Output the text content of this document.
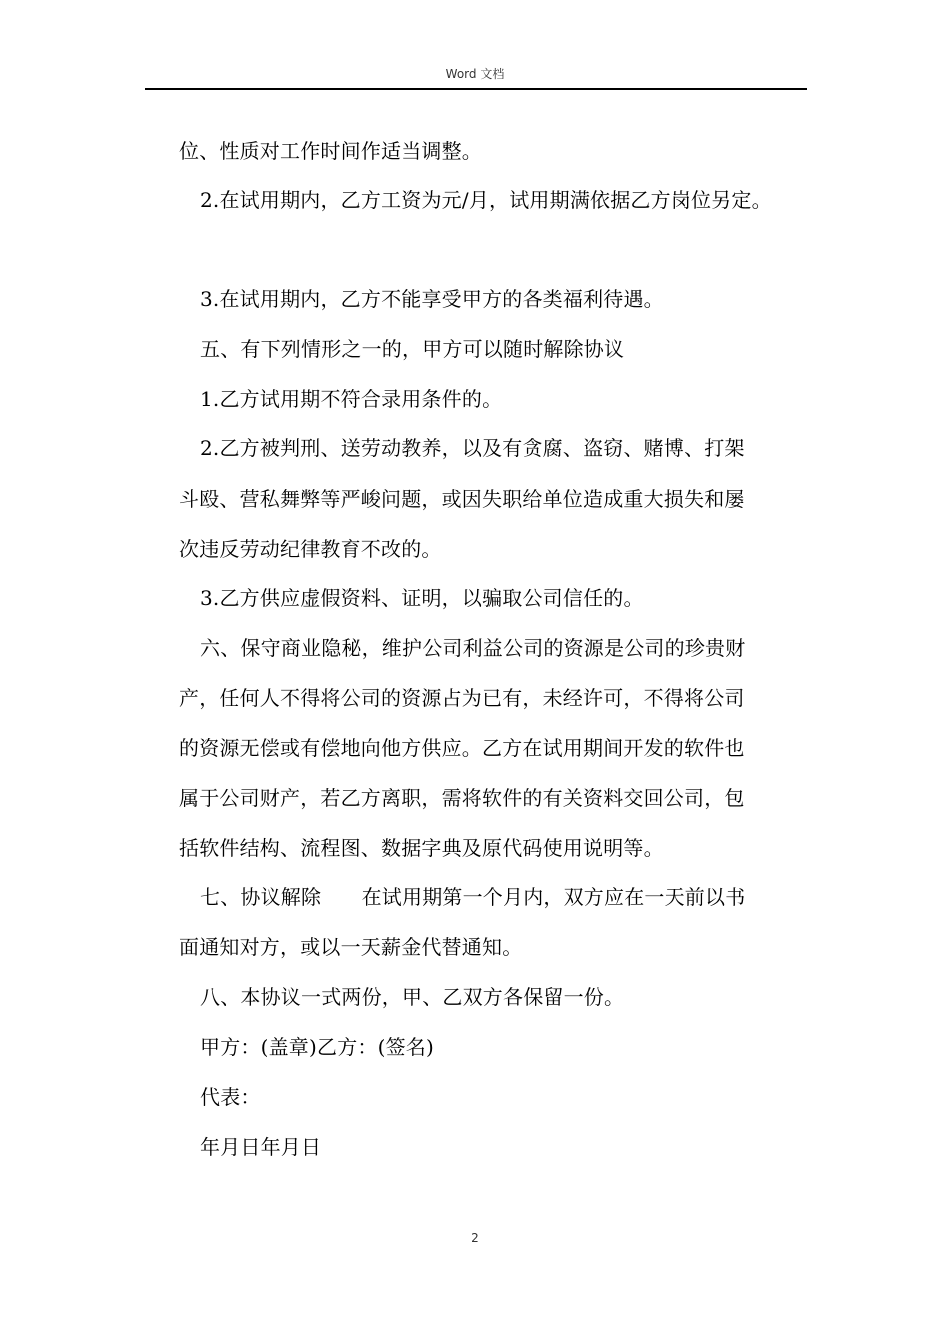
Word 文档
位、性质对工作时间作适当调整。
2.在试用期内，乙方工资为元/月，试用期满依据乙方岗位另定。
3.在试用期内，乙方不能享受甲方的各类福利待遇。
五、有下列情形之一的，甲方可以随时解除协议
1.乙方试用期不符合录用条件的。
2.乙方被判刑、送劳动教养，以及有贪腐、盗窃、赌博、打架
斗殴、营私舞弊等严峻问题，或因失职给单位造成重大损失和屡
次违反劳动纪律教育不改的。
3.乙方供应虚假资料、证明，以骗取公司信任的。
六、保守商业隐秘，维护公司利益公司的资源是公司的珍贵财
产，任何人不得将公司的资源占为已有，未经许可，不得将公司
的资源无偿或有偿地向他方供应。乙方在试用期间开发的软件也
属于公司财产，若乙方离职，需将软件的有关资料交回公司，包
括软件结构、流程图、数据字典及原代码使用说明等。
七、协议解除　　在试用期第一个月内，双方应在一天前以书
面通知对方，或以一天薪金代替通知。
八、本协议一式两份，甲、乙双方各保留一份。
甲方：(盖章)乙方：(签名)
代表：
年月日年月日
2
